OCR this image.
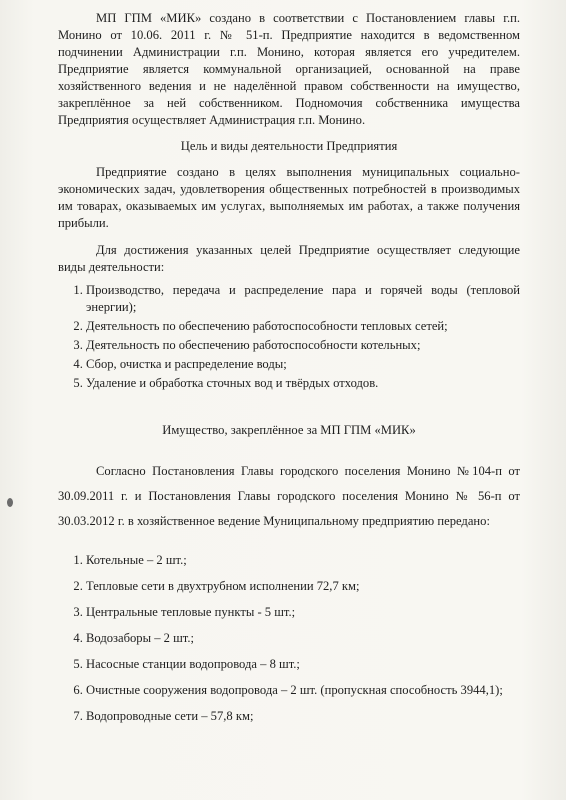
МП ГПМ «МИК» создано в соответствии с Постановлением главы г.п. Монино от 10.06. 2011 г. № 51-п. Предприятие находится в ведомственном подчинении Администрации г.п. Монино, которая является его учредителем. Предприятие является коммунальной организацией, основанной на праве хозяйственного ведения и не наделённой правом собственности на имущество, закреплённое за ней собственником. Подномочия собственника имущества Предприятия осуществляет Администрация г.п. Монино.

Цель и виды деятельности Предприятия

Предприятие создано в целях выполнения муниципальных социально-экономических задач, удовлетворения общественных потребностей в производимых им товарах, оказываемых им услугах, выполняемых им работах, а также получения прибыли.

Для достижения указанных целей Предприятие осуществляет следующие виды деятельности:

1. Производство, передача и распределение пара и горячей воды (тепловой энергии);
2. Деятельность по обеспечению работоспособности тепловых сетей;
3. Деятельность по обеспечению работоспособности котельных;
4. Сбор, очистка и распределение воды;
5. Удаление и обработка сточных вод и твёрдых отходов.

Имущество, закреплённое за МП ГПМ «МИК»

Согласно Постановления Главы городского поселения Монино №104-п от 30.09.2011 г. и Постановления Главы городского поселения Монино № 56-п от 30.03.2012 г. в хозяйственное ведение Муниципальному предприятию передано:

1. Котельные – 2 шт.;
2. Тепловые сети в двухтрубном исполнении 72,7 км;
3. Центральные тепловые пункты - 5 шт.;
4. Водозаборы – 2 шт.;
5. Насосные станции водопровода – 8 шт.;
6. Очистные сооружения водопровода – 2 шт. (пропускная способность 3944,1);
7. Водопроводные сети – 57,8 км;
